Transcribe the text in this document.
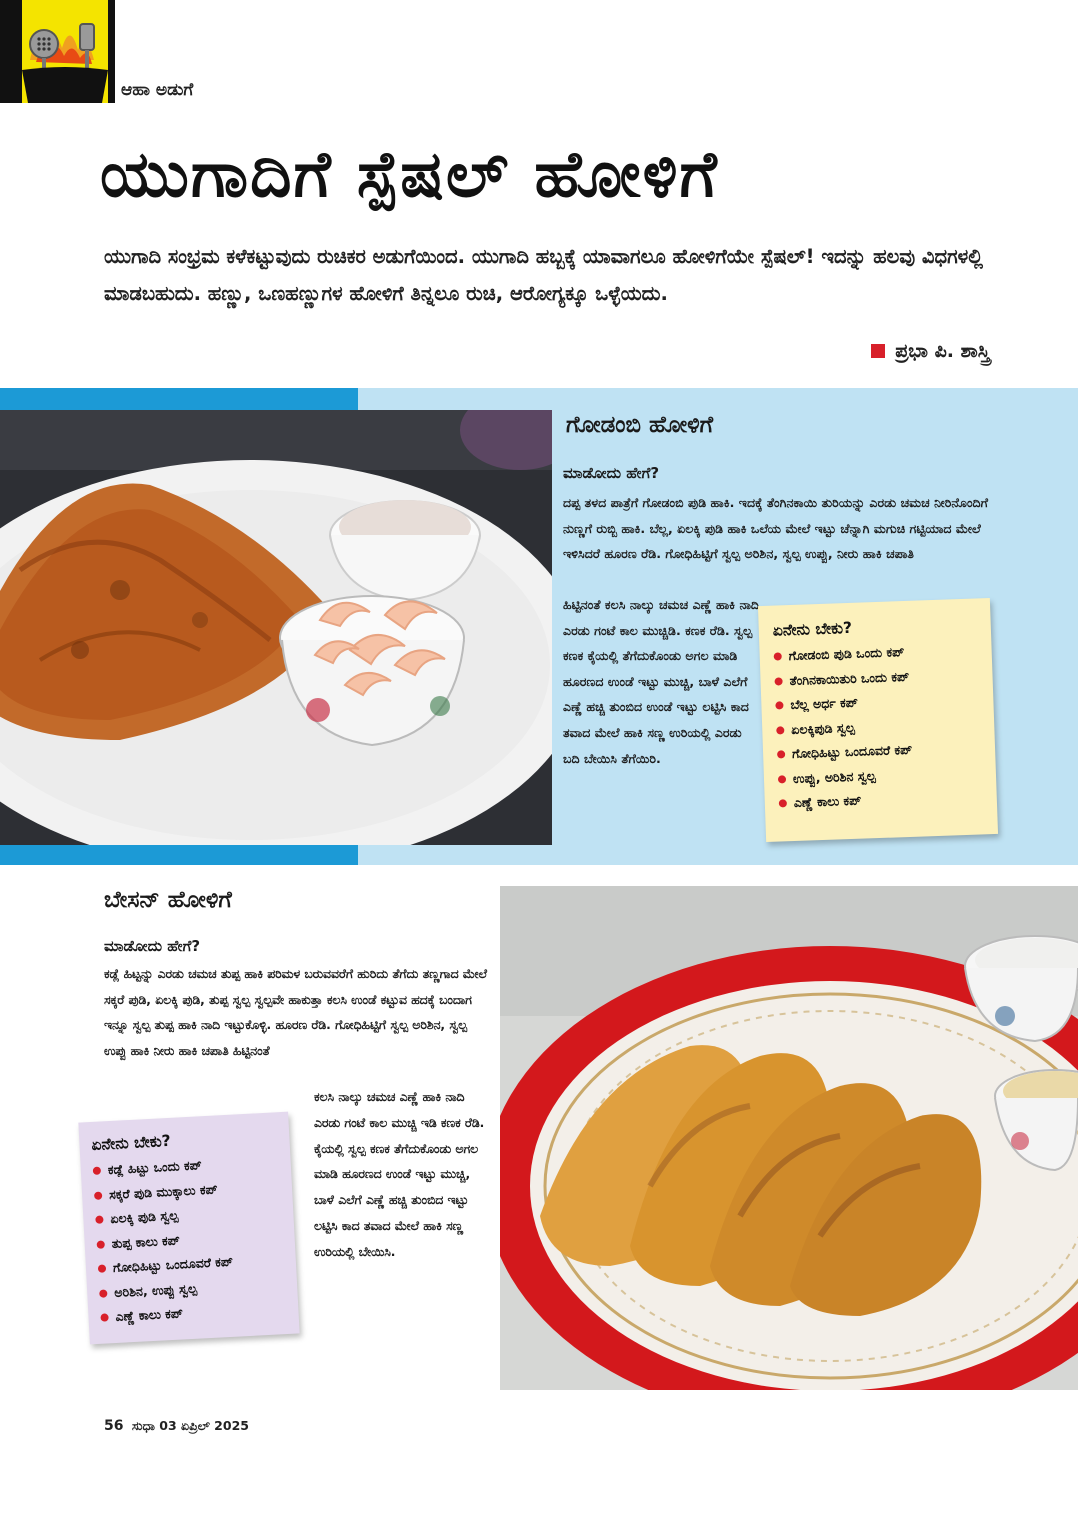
ಆಹಾ ಅಡುಗೆ
ಯುಗಾದಿಗೆ ಸ್ಪೆಷಲ್ ಹೋಳಿಗೆ

ಯುಗಾದಿ ಸಂಭ್ರಮ ಕಳೆಕಟ್ಟುವುದು ರುಚಿಕರ ಅಡುಗೆಯಿಂದ. ಯುಗಾದಿ ಹಬ್ಬಕ್ಕೆ ಯಾವಾಗಲೂ ಹೋಳಿಗೆಯೇ ಸ್ಪೆಷಲ್! ಇದನ್ನು ಹಲವು ವಿಧಗಳಲ್ಲಿ ಮಾಡಬಹುದು. ಹಣ್ಣು, ಒಣಹಣ್ಣುಗಳ ಹೋಳಿಗೆ ತಿನ್ನಲೂ ರುಚಿ, ಆರೋಗ್ಯಕ್ಕೂ ಒಳ್ಳೆಯದು.

ಪ್ರಭಾ ಪಿ. ಶಾಸ್ತ್ರಿ
ಗೋಡಂಬಿ ಹೋಳಿಗೆ
ಮಾಡೋದು ಹೇಗೆ?

ದಪ್ಪ ತಳದ ಪಾತ್ರೆಗೆ ಗೋಡಂಬಿ ಪುಡಿ ಹಾಕಿ. ಇದಕ್ಕೆ ತೆಂಗಿನಕಾಯಿ ತುರಿಯನ್ನು ಎರಡು ಚಮಚ ನೀರಿನೊಂದಿಗೆ ನುಣ್ಣಗೆ ರುಬ್ಬಿ ಹಾಕಿ. ಬೆಲ್ಲ, ಏಲಕ್ಕಿ ಪುಡಿ ಹಾಕಿ ಒಲೆಯ ಮೇಲೆ ಇಟ್ಟು ಚೆನ್ನಾಗಿ ಮಗುಚಿ ಗಟ್ಟಿಯಾದ ಮೇಲೆ ಇಳಿಸಿದರೆ ಹೂರಣ ರೆಡಿ. ಗೋಧಿಹಿಟ್ಟಿಗೆ ಸ್ವಲ್ಪ ಅರಿಶಿನ, ಸ್ವಲ್ಪ ಉಪ್ಪು, ನೀರು ಹಾಕಿ ಚಪಾತಿ

ಹಿಟ್ಟಿನಂತೆ ಕಲಸಿ ನಾಲ್ಕು ಚಮಚ ಎಣ್ಣೆ ಹಾಕಿ ನಾದಿ ಎರಡು ಗಂಟೆ ಕಾಲ ಮುಚ್ಚಿಡಿ. ಕಣಕ ರೆಡಿ. ಸ್ವಲ್ಪ ಕಣಕ ಕೈಯಲ್ಲಿ ತೆಗೆದುಕೊಂಡು ಅಗಲ ಮಾಡಿ ಹೂರಣದ ಉಂಡೆ ಇಟ್ಟು ಮುಚ್ಚಿ, ಬಾಳೆ ಎಲೆಗೆ ಎಣ್ಣೆ ಹಚ್ಚಿ ತುಂಬಿದ ಉಂಡೆ ಇಟ್ಟು ಲಟ್ಟಿಸಿ ಕಾದ ತವಾದ ಮೇಲೆ ಹಾಕಿ ಸಣ್ಣ ಉರಿಯಲ್ಲಿ ಎರಡು ಬದಿ ಬೇಯಿಸಿ ತೆಗೆಯಿರಿ.

ಏನೇನು ಬೇಕು?
ಗೋಡಂಬಿ ಪುಡಿ ಒಂದು ಕಪ್
ತೆಂಗಿನಕಾಯಿತುರಿ ಒಂದು ಕಪ್
ಬೆಲ್ಲ ಅರ್ಧ ಕಪ್
ಏಲಕ್ಕಿಪುಡಿ ಸ್ವಲ್ಪ
ಗೋಧಿಹಿಟ್ಟು ಒಂದೂವರೆ ಕಪ್
ಉಪ್ಪು, ಅರಿಶಿನ ಸ್ವಲ್ಪ
ಎಣ್ಣೆ ಕಾಲು ಕಪ್
ಬೇಸನ್ ಹೋಳಿಗೆ
ಮಾಡೋದು ಹೇಗೆ?

ಕಡ್ಲೆ ಹಿಟ್ಟನ್ನು ಎರಡು ಚಮಚ ತುಪ್ಪ ಹಾಕಿ ಪರಿಮಳ ಬರುವವರೆಗೆ ಹುರಿದು ತೆಗೆದು ತಣ್ಣಗಾದ ಮೇಲೆ ಸಕ್ಕರೆ ಪುಡಿ, ಏಲಕ್ಕಿ ಪುಡಿ, ತುಪ್ಪ ಸ್ವಲ್ಪ ಸ್ವಲ್ಪವೇ ಹಾಕುತ್ತಾ ಕಲಸಿ ಉಂಡೆ ಕಟ್ಟುವ ಹದಕ್ಕೆ ಬಂದಾಗ ಇನ್ನೂ ಸ್ವಲ್ಪ ತುಪ್ಪ ಹಾಕಿ ನಾದಿ ಇಟ್ಟುಕೊಳ್ಳಿ. ಹೂರಣ ರೆಡಿ. ಗೋಧಿಹಿಟ್ಟಿಗೆ ಸ್ವಲ್ಪ ಅರಿಶಿನ, ಸ್ವಲ್ಪ ಉಪ್ಪು ಹಾಕಿ ನೀರು ಹಾಕಿ ಚಪಾತಿ ಹಿಟ್ಟಿನಂತೆ

ಕಲಸಿ ನಾಲ್ಕು ಚಮಚ ಎಣ್ಣೆ ಹಾಕಿ ನಾದಿ ಎರಡು ಗಂಟೆ ಕಾಲ ಮುಚ್ಚಿ ಇಡಿ ಕಣಕ ರೆಡಿ. ಕೈಯಲ್ಲಿ ಸ್ವಲ್ಪ ಕಣಕ ತೆಗೆದುಕೊಂಡು ಅಗಲ ಮಾಡಿ ಹೂರಣದ ಉಂಡೆ ಇಟ್ಟು ಮುಚ್ಚಿ, ಬಾಳೆ ಎಲೆಗೆ ಎಣ್ಣೆ ಹಚ್ಚಿ ತುಂಬಿದ ಇಟ್ಟು ಲಟ್ಟಿಸಿ ಕಾದ ತವಾದ ಮೇಲೆ ಹಾಕಿ ಸಣ್ಣ ಉರಿಯಲ್ಲಿ ಬೇಯಿಸಿ.

ಏನೇನು ಬೇಕು?
ಕಡ್ಲೆ ಹಿಟ್ಟು ಒಂದು ಕಪ್
ಸಕ್ಕರೆ ಪುಡಿ ಮುಕ್ಕಾಲು ಕಪ್
ಏಲಕ್ಕಿ ಪುಡಿ ಸ್ವಲ್ಪ
ತುಪ್ಪ ಕಾಲು ಕಪ್
ಗೋಧಿಹಿಟ್ಟು ಒಂದೂವರೆ ಕಪ್
ಅರಿಶಿನ, ಉಪ್ಪು ಸ್ವಲ್ಪ
ಎಣ್ಣೆ ಕಾಲು ಕಪ್
56 ಸುಧಾ 03 ಏಪ್ರಿಲ್ 2025
